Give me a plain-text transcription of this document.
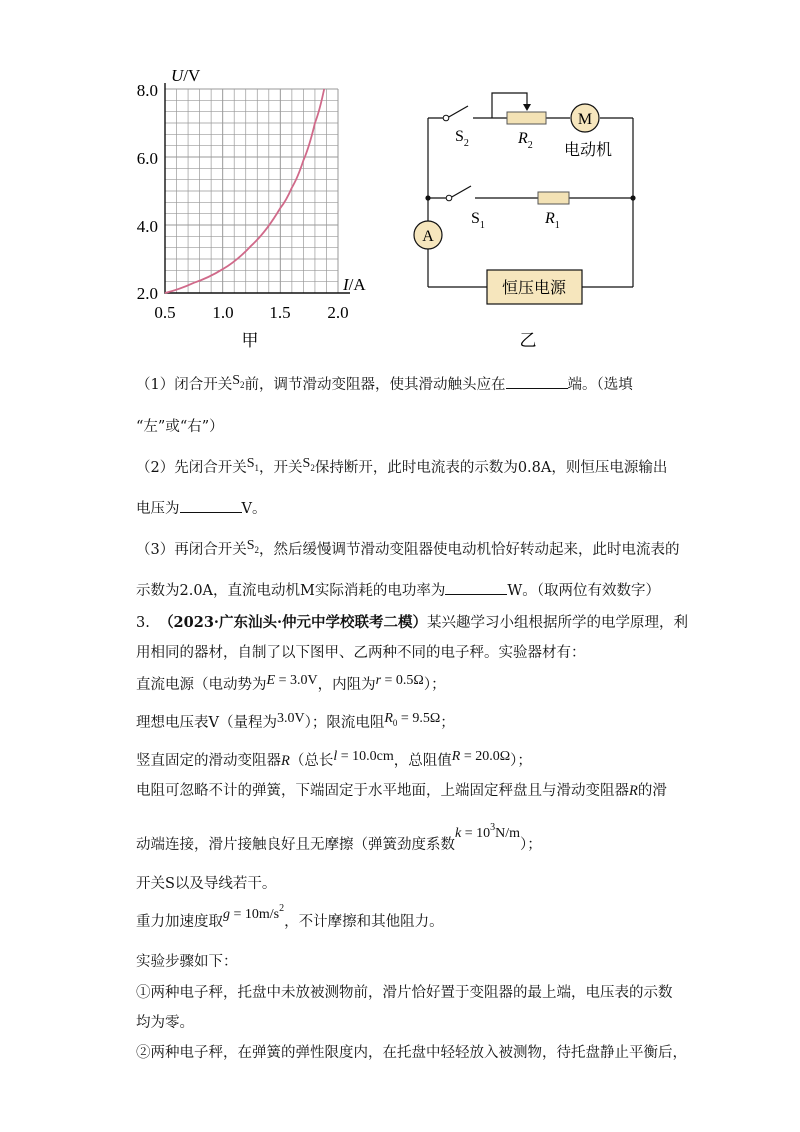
8.0
6.0
4.0
2.0
0.5 1.0 1.5 2.0
U/V
I/A
甲
M
A
恒压电源
$S_2$	$R_2$ 电动机
$S_1$	$R_1$
乙
（1）闭合开关$S_2$前，调节滑动变阻器，使其滑动触头应在	端。（选填
“左”或“右”）
（2）先闭合开关$S_1$，开关$S_2$保持断开，此时电流表的示数为0.8A，则恒压电源输出
电压为	V。
（3）再闭合开关$S_2$，然后缓慢调节滑动变阻器使电动机恰好转动起来，此时电流表的
示数为2.0A，直流电动机M实际消耗的电功率为	W。（取两位有效数字）
3. （2023·广东汕头·仲元中学校联考二模）某兴趣学习小组根据所学的电学原理，利
用相同的器材，自制了以下图甲、乙两种不同的电子秤。实验器材有：
直流电源（电动势为E = 3.0V，内阻为r = 0.5Ω）；
理想电压表V（量程为3.0V）；限流电阻$R_0 = 9.5\Omega$；
竖直固定的滑动变阻器R（总长l = 10.0cm，总阻值R = 20.0Ω）；
电阻可忽略不计的弹簧，下端固定于水平地面，上端固定秤盘且与滑动变阻器R的滑
动端连接，滑片接触良好且无摩擦（弹簧劲度系数$k = 10^3N/m$）；
开关S以及导线若干。
重力加速度取$g = 10m/s^2$，不计摩擦和其他阻力。
实验步骤如下：
①两种电子秤，托盘中未放被测物前，滑片恰好置于变阻器的最上端，电压表的示数
均为零。
②两种电子秤，在弹簧的弹性限度内，在托盘中轻轻放入被测物，待托盘静止平衡后，
